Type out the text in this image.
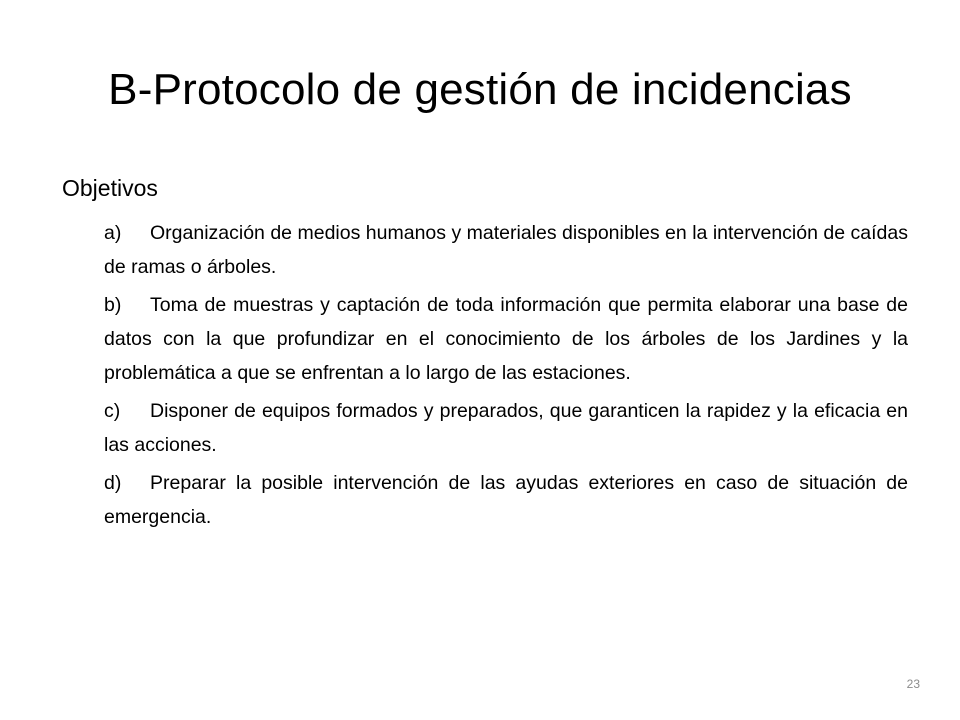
B-Protocolo de gestión de incidencias
Objetivos
a) Organización de medios humanos y materiales disponibles en la intervención de caídas de ramas o árboles.
b) Toma de muestras y captación de toda información que permita elaborar una base de datos con la que profundizar en el conocimiento de los árboles de los Jardines y la problemática a que se enfrentan a lo largo de las estaciones.
c) Disponer de equipos formados y preparados, que garanticen la rapidez y la eficacia en las acciones.
d) Preparar la posible intervención de las ayudas exteriores en caso de situación de emergencia.
23
